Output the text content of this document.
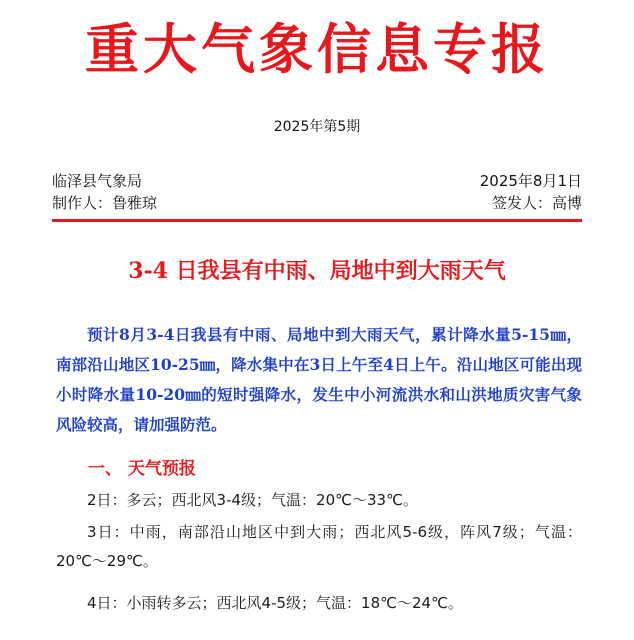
重大气象信息专报
2025年第5期
临泽县气象局	2025年8月1日
制作人：鲁雅琼	签发人：高博
3-4 日我县有中雨、局地中到大雨天气
预计8月3-4日我县有中雨、局地中到大雨天气，累计降水量5-15㎜，南部沿山地区10-25㎜，降水集中在3日上午至4日上午。沿山地区可能出现小时降水量10-20㎜的短时强降水，发生中小河流洪水和山洪地质灾害气象风险较高，请加强防范。
一、 天气预报
2日：多云；西北风3-4级；气温：20℃～33℃。
3日：中雨，南部沿山地区中到大雨；西北风5-6级，阵风7级；气温：20℃～29℃。
4日：小雨转多云；西北风4-5级；气温：18℃～24℃。
